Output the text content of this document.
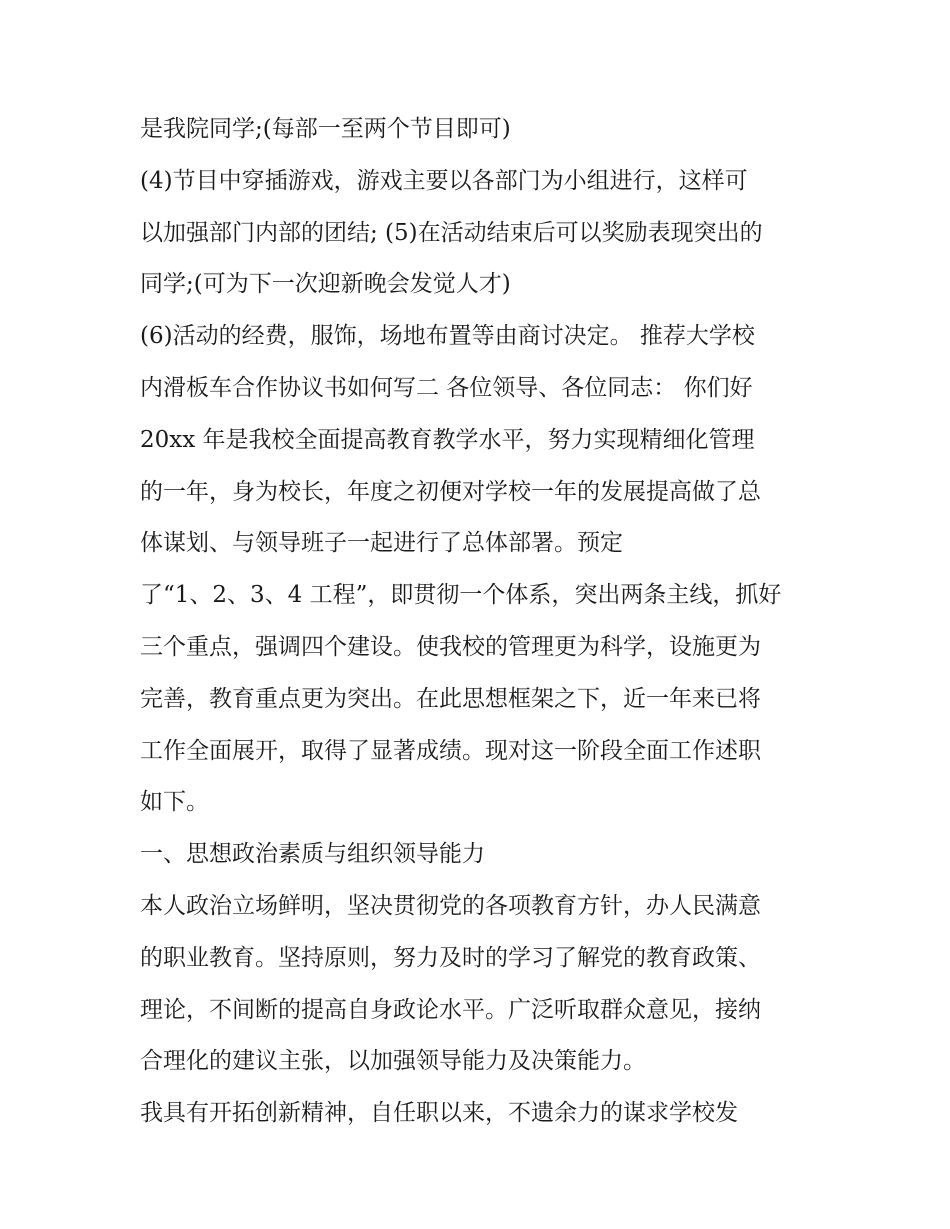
是我院同学;(每部一至两个节目即可)
(4)节目中穿插游戏，游戏主要以各部门为小组进行，这样可
以加强部门内部的团结; (5)在活动结束后可以奖励表现突出的
同学;(可为下一次迎新晚会发觉人才)
(6)活动的经费，服饰，场地布置等由商讨决定。 推荐大学校
内滑板车合作协议书如何写二 各位领导、各位同志： 你们好
20xx 年是我校全面提高教育教学水平，努力实现精细化管理
的一年，身为校长，年度之初便对学校一年的发展提高做了总
体谋划、与领导班子一起进行了总体部署。预定
了“1、2、3、4 工程”，即贯彻一个体系，突出两条主线，抓好
三个重点，强调四个建设。使我校的管理更为科学，设施更为
完善，教育重点更为突出。在此思想框架之下，近一年来已将
工作全面展开，取得了显著成绩。现对这一阶段全面工作述职
如下。
一、思想政治素质与组织领导能力
本人政治立场鲜明，坚决贯彻党的各项教育方针，办人民满意
的职业教育。坚持原则，努力及时的学习了解党的教育政策、
理论，不间断的提高自身政论水平。广泛听取群众意见，接纳
合理化的建议主张，以加强领导能力及决策能力。
我具有开拓创新精神，自任职以来，不遗余力的谋求学校发
